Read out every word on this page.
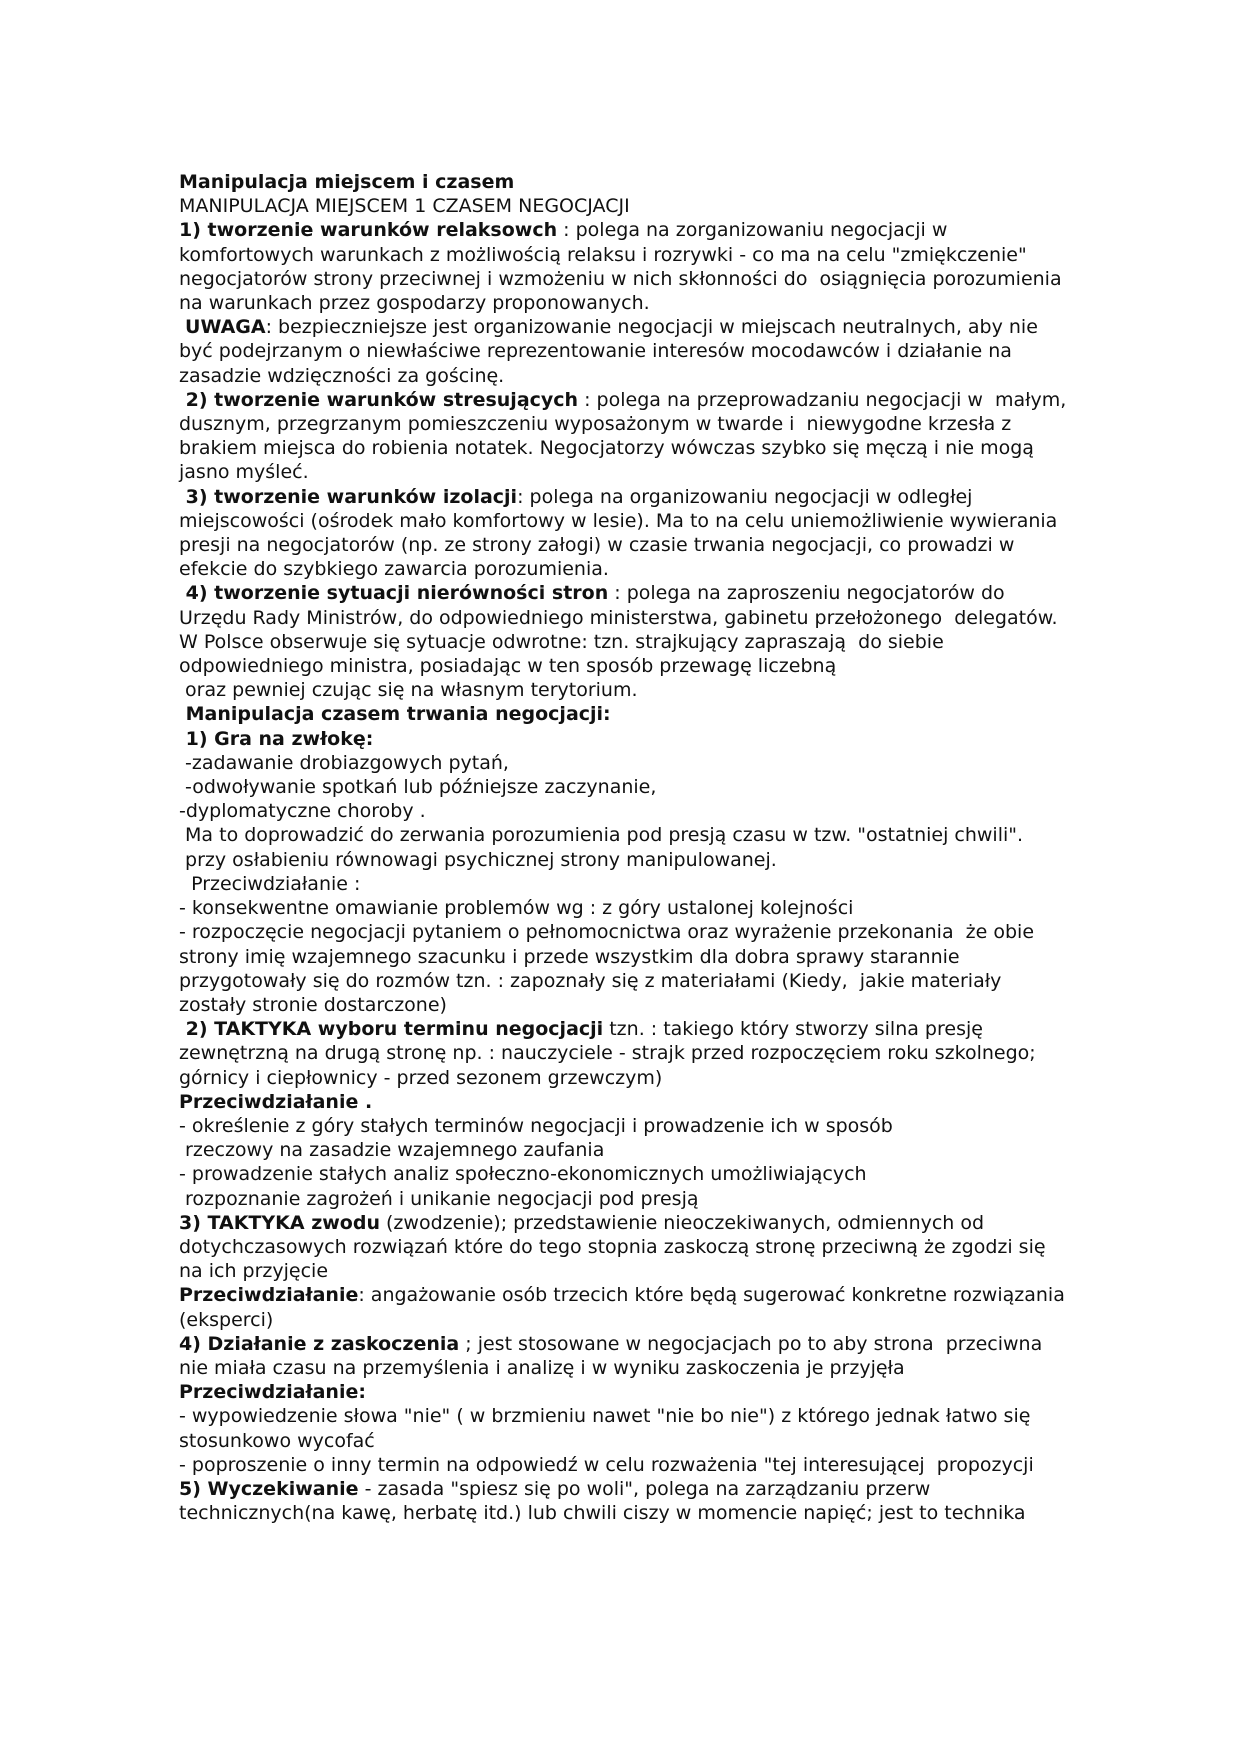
Manipulacja miejscem i czasem
MANIPULACJA MIEJSCEM 1 CZASEM NEGOCJACJI
1) tworzenie warunków relaksowch : polega na zorganizowaniu negocjacji w
komfortowych warunkach z możliwością relaksu i rozrywki - co ma na celu "zmiękczenie"
negocjatorów strony przeciwnej i wzmożeniu w nich skłonności do  osiągnięcia porozumienia
na warunkach przez gospodarzy proponowanych.
UWAGA: bezpieczniejsze jest organizowanie negocjacji w miejscach neutralnych, aby nie
być podejrzanym o niewłaściwe reprezentowanie interesów mocodawców i działanie na
zasadzie wdzięczności za gościnę.
2) tworzenie warunków stresujących : polega na przeprowadzaniu negocjacji w  małym,
dusznym, przegrzanym pomieszczeniu wyposażonym w twarde i  niewygodne krzesła z
brakiem miejsca do robienia notatek. Negocjatorzy wówczas szybko się męczą i nie mogą
jasno myśleć.
3) tworzenie warunków izolacji: polega na organizowaniu negocjacji w odległej
miejscowości (ośrodek mało komfortowy w lesie). Ma to na celu uniemożliwienie wywierania
presji na negocjatorów (np. ze strony załogi) w czasie trwania negocjacji, co prowadzi w
efekcie do szybkiego zawarcia porozumienia.
4) tworzenie sytuacji nierówności stron : polega na zaproszeniu negocjatorów do
Urzędu Rady Ministrów, do odpowiedniego ministerstwa, gabinetu przełożonego  delegatów.
W Polsce obserwuje się sytuacje odwrotne: tzn. strajkujący zapraszają  do siebie
odpowiedniego ministra, posiadając w ten sposób przewagę liczebną
oraz pewniej czując się na własnym terytorium.
Manipulacja czasem trwania negocjacji:
1) Gra na zwłokę:
-zadawanie drobiazgowych pytań,
-odwoływanie spotkań lub późniejsze zaczynanie,
-dyplomatyczne choroby .
Ma to doprowadzić do zerwania porozumienia pod presją czasu w tzw. "ostatniej chwili".
przy osłabieniu równowagi psychicznej strony manipulowanej.
Przeciwdziałanie :
- konsekwentne omawianie problemów wg : z góry ustalonej kolejności
- rozpoczęcie negocjacji pytaniem o pełnomocnictwa oraz wyrażenie przekonania  że obie
strony imię wzajemnego szacunku i przede wszystkim dla dobra sprawy starannie
przygotowały się do rozmów tzn. : zapoznały się z materiałami (Kiedy,  jakie materiały
zostały stronie dostarczone)
2) TAKTYKA wyboru terminu negocjacji tzn. : takiego który stworzy silna presję
zewnętrzną na drugą stronę np. : nauczyciele - strajk przed rozpoczęciem roku szkolnego;
górnicy i ciepłownicy - przed sezonem grzewczym)
Przeciwdziałanie .
- określenie z góry stałych terminów negocjacji i prowadzenie ich w sposób
rzeczowy na zasadzie wzajemnego zaufania
- prowadzenie stałych analiz społeczno-ekonomicznych umożliwiających
rozpoznanie zagrożeń i unikanie negocjacji pod presją
3) TAKTYKA zwodu (zwodzenie); przedstawienie nieoczekiwanych, odmiennych od
dotychczasowych rozwiązań które do tego stopnia zaskoczą stronę przeciwną że zgodzi się
na ich przyjęcie
Przeciwdziałanie: angażowanie osób trzecich które będą sugerować konkretne rozwiązania
(eksperci)
4) Działanie z zaskoczenia ; jest stosowane w negocjacjach po to aby strona  przeciwna
nie miała czasu na przemyślenia i analizę i w wyniku zaskoczenia je przyjęła
Przeciwdziałanie:
- wypowiedzenie słowa "nie" ( w brzmieniu nawet "nie bo nie") z którego jednak łatwo się
stosunkowo wycofać
- poproszenie o inny termin na odpowiedź w celu rozważenia "tej interesującej  propozycji
5) Wyczekiwanie - zasada "spiesz się po woli", polega na zarządzaniu przerw
technicznych(na kawę, herbatę itd.) lub chwili ciszy w momencie napięć; jest to technika
